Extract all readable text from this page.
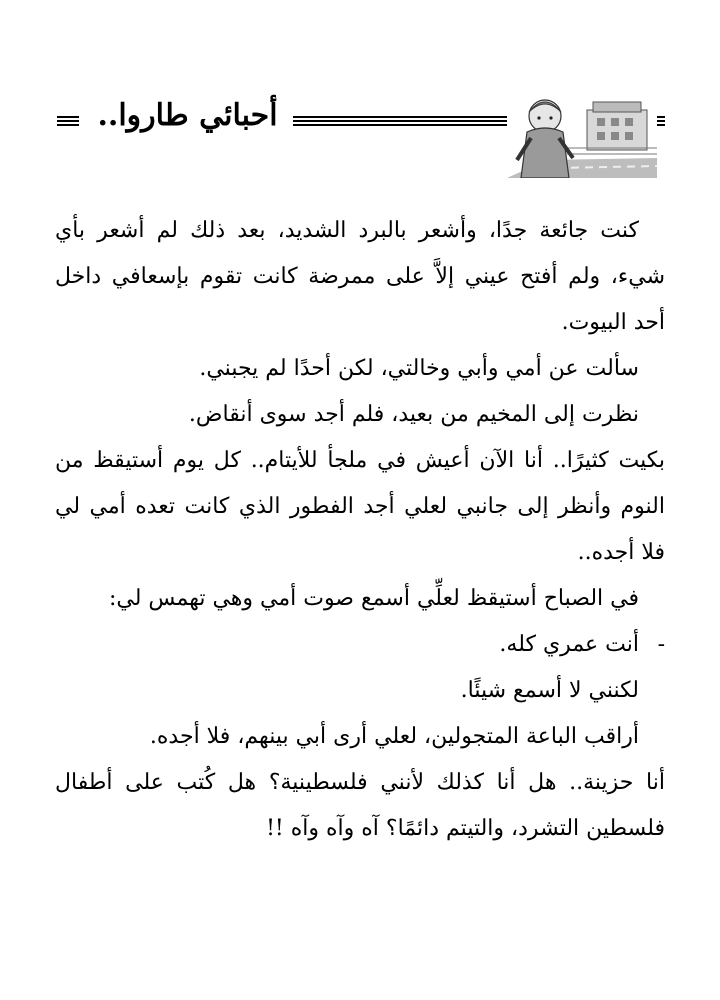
أحبائي طاروا..

كنت جائعة جدًا، وأشعر بالبرد الشديد، بعد ذلك لم أشعر بأي شيء، ولم أفتح عيني إلاَّ على ممرضة كانت تقوم بإسعافي داخل أحد البيوت.

سألت عن أمي وأبي وخالتي، لكن أحدًا لم يجبني.

نظرت إلى المخيم من بعيد، فلم أجد سوى أنقاض.

بكيت كثيرًا.. أنا الآن أعيش في ملجأ للأيتام.. كل يوم أستيقظ من النوم وأنظر إلى جانبي لعلي أجد الفطور الذي كانت تعده أمي لي فلا أجده..

في الصباح أستيقظ لعلِّي أسمع صوت أمي وهي تهمس لي:

-
أنت عمري كله.

لكنني لا أسمع شيئًا.

أراقب الباعة المتجولين، لعلي أرى أبي بينهم، فلا أجده.

أنا حزينة.. هل أنا كذلك لأنني فلسطينية؟ هل كُتب على أطفال فلسطين التشرد، والتيتم دائمًا؟ آه وآه وآه !!
